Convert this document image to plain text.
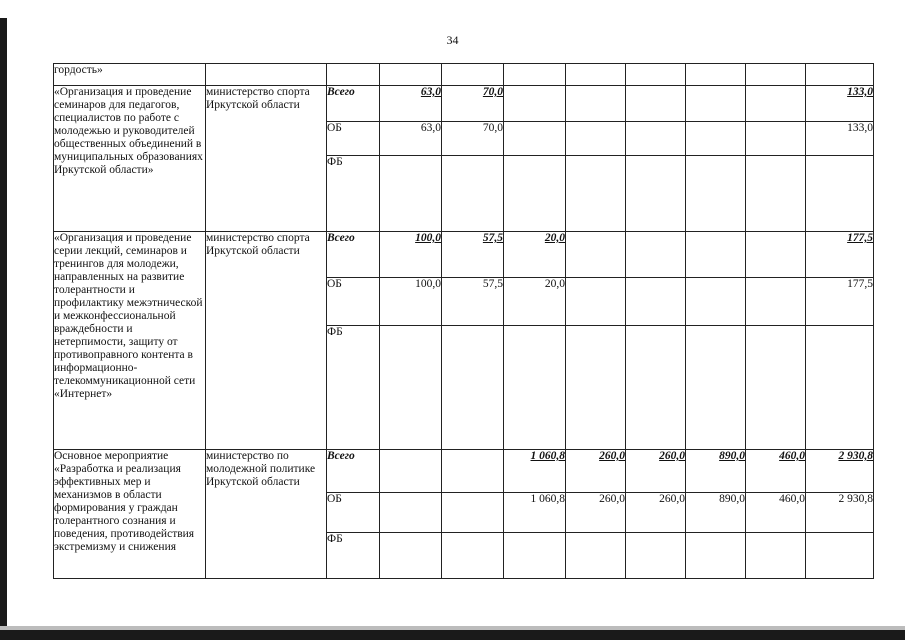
34
гордость»										
«Организация и проведение семинаров для педагогов, специалистов по работе с молодежью и руководителей общественных объединений в муниципальных образованиях Иркутской области»	министерство спорта Иркутской области	Всего	63,0	70,0						133,0
		ОБ	63,0	70,0						133,0
		ФБ								
«Организация и проведение серии лекций, семинаров и тренингов для молодежи, направленных на развитие толерантности и профилактику межэтнической и межконфессиональной враждебности и нетерпимости, защиту от противоправного контента в информационно-телекоммуникационной сети «Интернет»	министерство спорта Иркутской области	Всего	100,0	57,5	20,0					177,5
		ОБ	100,0	57,5	20,0					177,5
		ФБ								
Основное мероприятие «Разработка и реализация эффективных мер и механизмов в области формирования у граждан толерантного сознания и поведения, противодействия экстремизму и снижения	министерство по молодежной политике Иркутской области	Всего			1 060,8	260,0	260,0	890,0	460,0	2 930,8
		ОБ			1 060,8	260,0	260,0	890,0	460,0	2 930,8
		ФБ								
